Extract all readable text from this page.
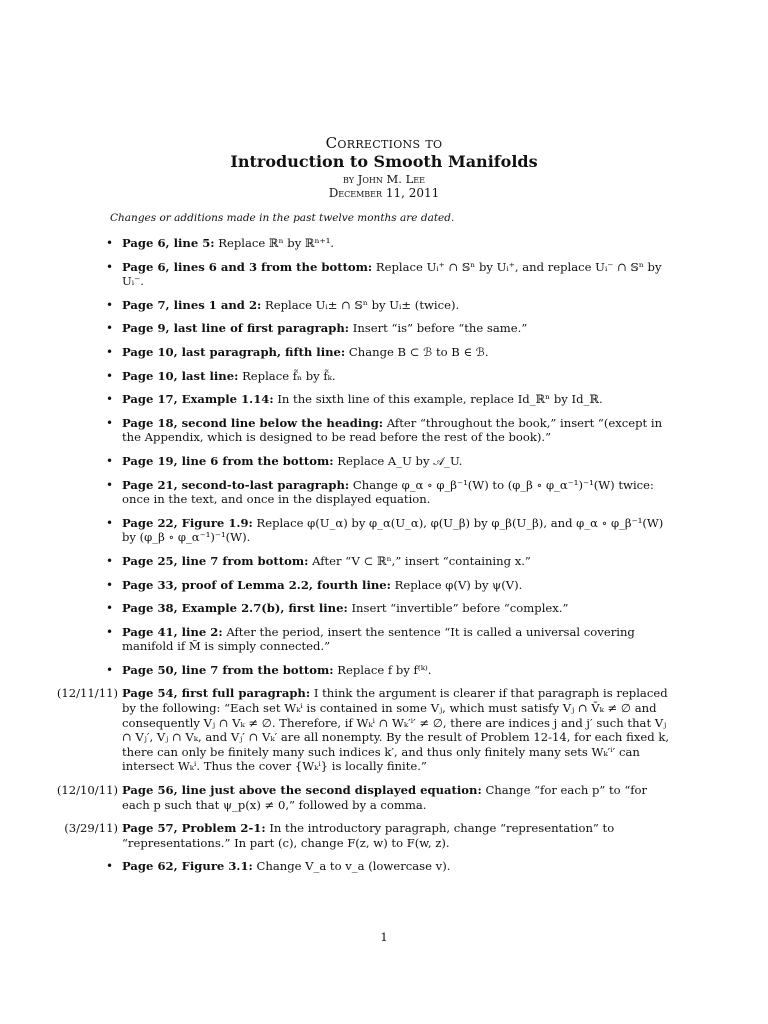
Corrections to
Introduction to Smooth Manifolds
by John M. Lee
December 11, 2011
Changes or additions made in the past twelve months are dated.
• Page 6, line 5: Replace ℝⁿ by ℝⁿ⁺¹.
• Page 6, lines 6 and 3 from the bottom: Replace Uᵢ⁺ ∩ 𝕊ⁿ by Uᵢ⁺, and replace Uᵢ⁻ ∩ 𝕊ⁿ by Uᵢ⁻.
• Page 7, lines 1 and 2: Replace Uᵢ± ∩ 𝕊ⁿ by Uᵢ± (twice).
• Page 9, last line of first paragraph: Insert “is” before “the same.”
• Page 10, last paragraph, fifth line: Change B ⊂ ℬ to B ∈ ℬ.
• Page 10, last line: Replace f̃ₙ by f̃ₖ.
• Page 17, Example 1.14: In the sixth line of this example, replace Id_ℝⁿ by Id_ℝ.
• Page 18, second line below the heading: After “throughout the book,” insert “(except in the Appendix, which is designed to be read before the rest of the book).”
• Page 19, line 6 from the bottom: Replace A_U by 𝒜_U.
• Page 21, second-to-last paragraph: Change φ_α ∘ φ_β⁻¹(W) to (φ_β ∘ φ_α⁻¹)⁻¹(W) twice: once in the text, and once in the displayed equation.
• Page 22, Figure 1.9: Replace φ(U_α) by φ_α(U_α), φ(U_β) by φ_β(U_β), and φ_α ∘ φ_β⁻¹(W) by (φ_β ∘ φ_α⁻¹)⁻¹(W).
• Page 25, line 7 from bottom: After “V ⊂ ℝⁿ,” insert “containing x.”
• Page 33, proof of Lemma 2.2, fourth line: Replace φ(V) by ψ(V).
• Page 38, Example 2.7(b), first line: Insert “invertible” before “complex.”
• Page 41, line 2: After the period, insert the sentence “It is called a universal covering manifold if M̃ is simply connected.”
• Page 50, line 7 from the bottom: Replace f by f⁽ᵏ⁾.
(12/11/11) Page 54, first full paragraph: I think the argument is clearer if that paragraph is replaced by the following: “Each set Wₖⁱ is contained in some Vⱼ, which must satisfy Vⱼ ∩ V̄ₖ ≠ ∅ and consequently Vⱼ ∩ Vₖ ≠ ∅. Therefore, if Wₖⁱ ∩ Wₖ′ⁱ′ ≠ ∅, there are indices j and j′ such that Vⱼ ∩ Vⱼ′, Vⱼ ∩ Vₖ, and Vⱼ′ ∩ Vₖ′ are all nonempty. By the result of Problem 12-14, for each fixed k, there can only be finitely many such indices k′, and thus only finitely many sets Wₖ′ⁱ′ can intersect Wₖⁱ. Thus the cover {Wₖⁱ} is locally finite.”
(12/10/11) Page 56, line just above the second displayed equation: Change “for each p” to “for each p such that ψ_p(x) ≠ 0,” followed by a comma.
(3/29/11) Page 57, Problem 2-1: In the introductory paragraph, change “representation” to “representations.” In part (c), change F(z, w) to F(w, z).
• Page 62, Figure 3.1: Change V_a to v_a (lowercase v).
1
